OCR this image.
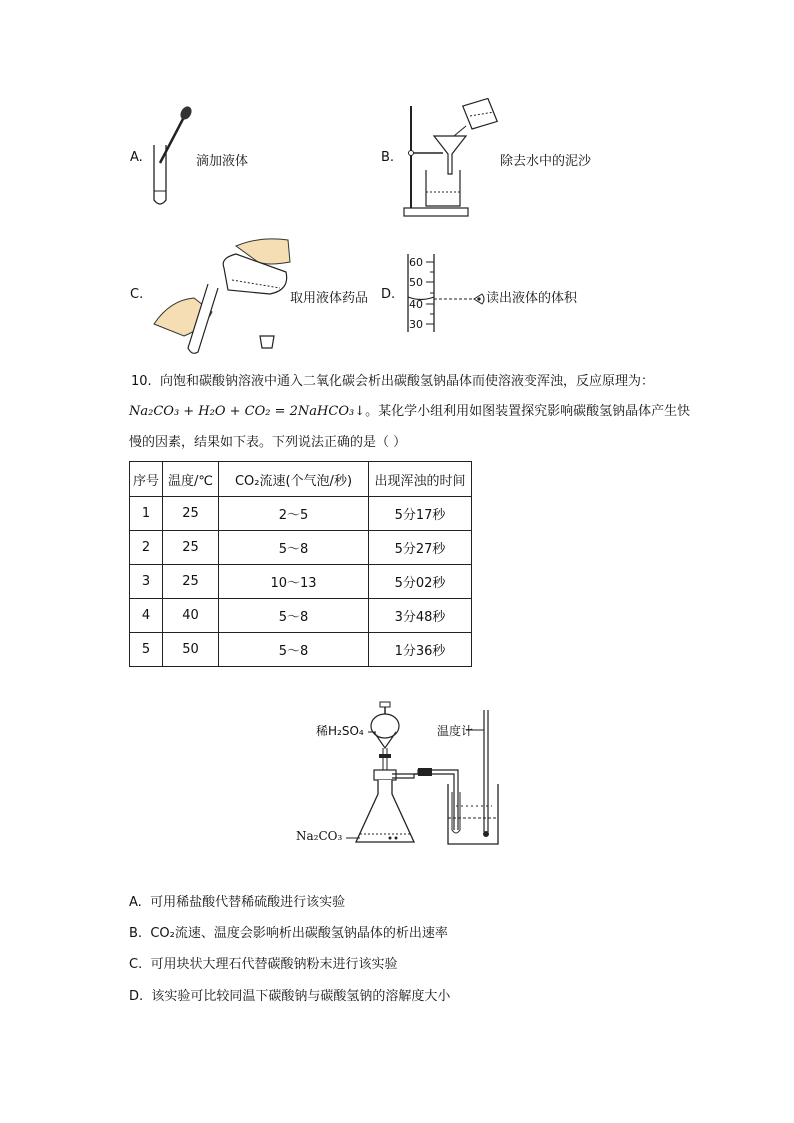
A.	滴加液体	B.	除去水中的泥沙
C.	取用液体药品 D.
60
50
40
30
读出液体的体积
10. 向饱和碳酸钠溶液中通入二氧化碳会析出碳酸氢钠晶体而使溶液变浑浊，反应原理为：
Na₂CO₃ + H₂O + CO₂ = 2NaHCO₃↓。某化学小组利用如图装置探究影响碳酸氢钠晶体产生快
慢的因素，结果如下表。下列说法正确的是（ ）
序号	温度/℃	CO₂流速(个气泡/秒)	出现浑浊的时间
1	25	2～5	5分17秒
2	25	5～8	5分27秒
3	25	10～13	5分02秒
4	40	5～8	3分48秒
5	50	5～8	1分36秒
稀H₂SO₄	温度计
Na₂CO₃
A. 可用稀盐酸代替稀硫酸进行该实验
B. CO₂流速、温度会影响析出碳酸氢钠晶体的析出速率
C. 可用块状大理石代替碳酸钠粉末进行该实验
D. 该实验可比较同温下碳酸钠与碳酸氢钠的溶解度大小
